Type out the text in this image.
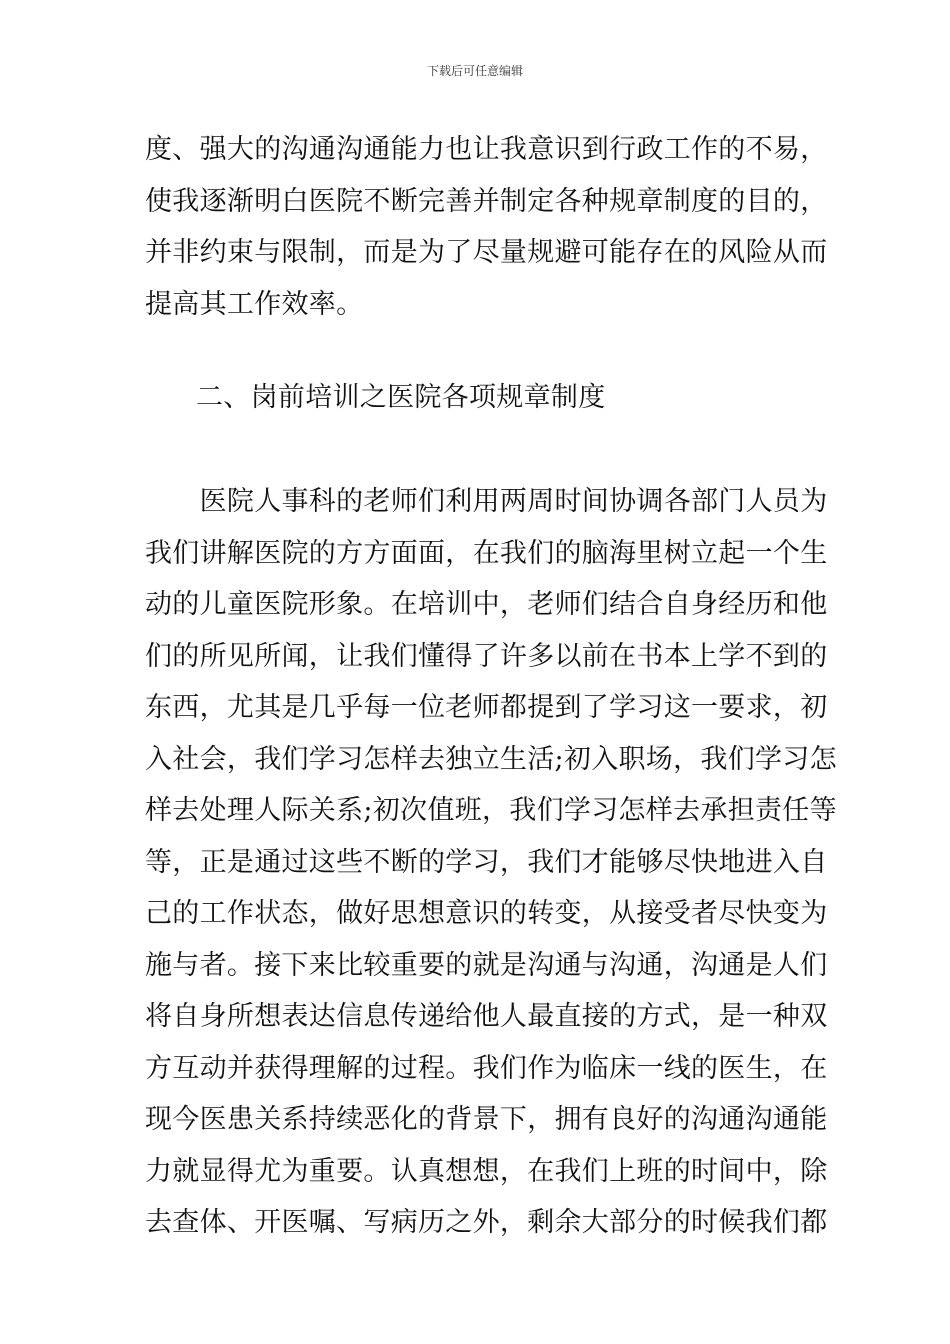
下载后可任意编辑
度、强大的沟通沟通能力也让我意识到行政工作的不易，
使我逐渐明白医院不断完善并制定各种规章制度的目的，
并非约束与限制，而是为了尽量规避可能存在的风险从而
提高其工作效率。
二、岗前培训之医院各项规章制度
　　医院人事科的老师们利用两周时间协调各部门人员为
我们讲解医院的方方面面，在我们的脑海里树立起一个生
动的儿童医院形象。在培训中，老师们结合自身经历和他
们的所见所闻，让我们懂得了许多以前在书本上学不到的
东西，尤其是几乎每一位老师都提到了学习这一要求，初
入社会，我们学习怎样去独立生活;初入职场，我们学习怎
样去处理人际关系;初次值班，我们学习怎样去承担责任等
等，正是通过这些不断的学习，我们才能够尽快地进入自
己的工作状态，做好思想意识的转变，从接受者尽快变为
施与者。接下来比较重要的就是沟通与沟通，沟通是人们
将自身所想表达信息传递给他人最直接的方式，是一种双
方互动并获得理解的过程。我们作为临床一线的医生，在
现今医患关系持续恶化的背景下，拥有良好的沟通沟通能
力就显得尤为重要。认真想想，在我们上班的时间中，除
去查体、开医嘱、写病历之外，剩余大部分的时候我们都
